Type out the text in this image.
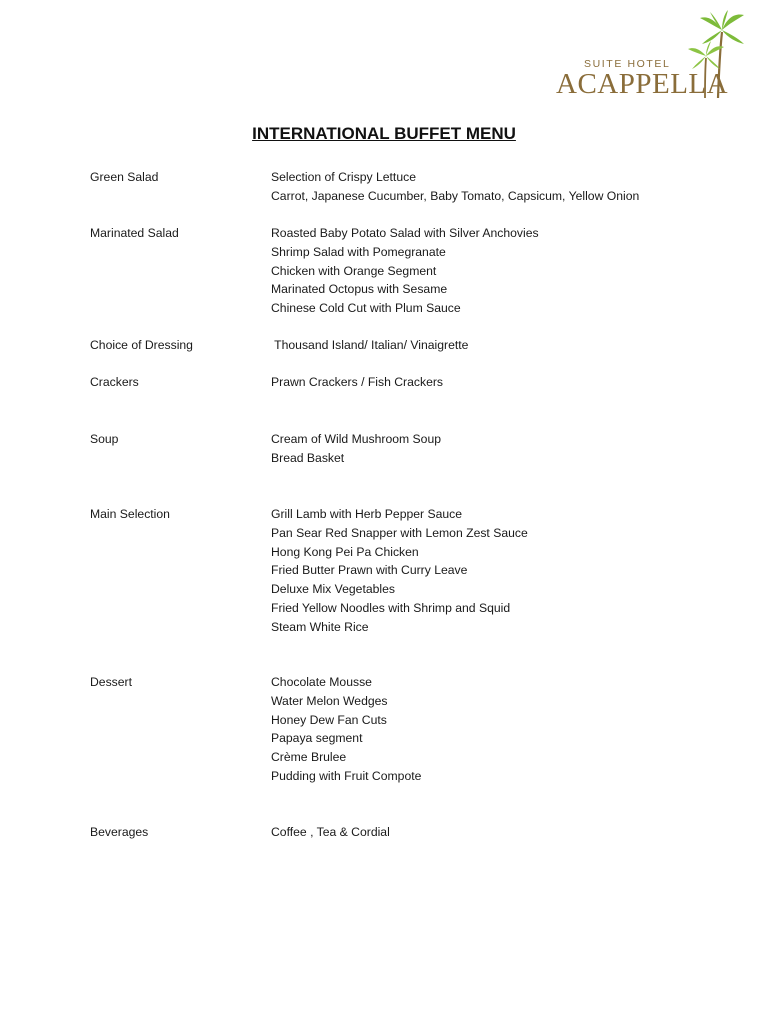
SUITE HOTEL
ACAPPELLA
INTERNATIONAL BUFFET MENU
Green Salad	Selection of Crispy Lettuce
Carrot, Japanese Cucumber, Baby Tomato, Capsicum, Yellow Onion
Marinated Salad	Roasted Baby Potato Salad with Silver Anchovies
Shrimp Salad with Pomegranate
Chicken with Orange Segment
Marinated Octopus with Sesame
Chinese Cold Cut with Plum Sauce
Choice of Dressing	Thousand Island/ Italian/ Vinaigrette
Crackers	Prawn Crackers / Fish Crackers
Soup	Cream of Wild Mushroom Soup
Bread Basket
Main Selection	Grill Lamb with Herb Pepper Sauce
Pan Sear Red Snapper with Lemon Zest Sauce
Hong Kong Pei Pa Chicken
Fried Butter Prawn with Curry Leave
Deluxe Mix Vegetables
Fried Yellow Noodles with Shrimp and Squid
Steam White Rice
Dessert	Chocolate Mousse
Water Melon Wedges
Honey Dew Fan Cuts
Papaya segment
Crème Brulee
Pudding with Fruit Compote
Beverages	Coffee , Tea & Cordial
